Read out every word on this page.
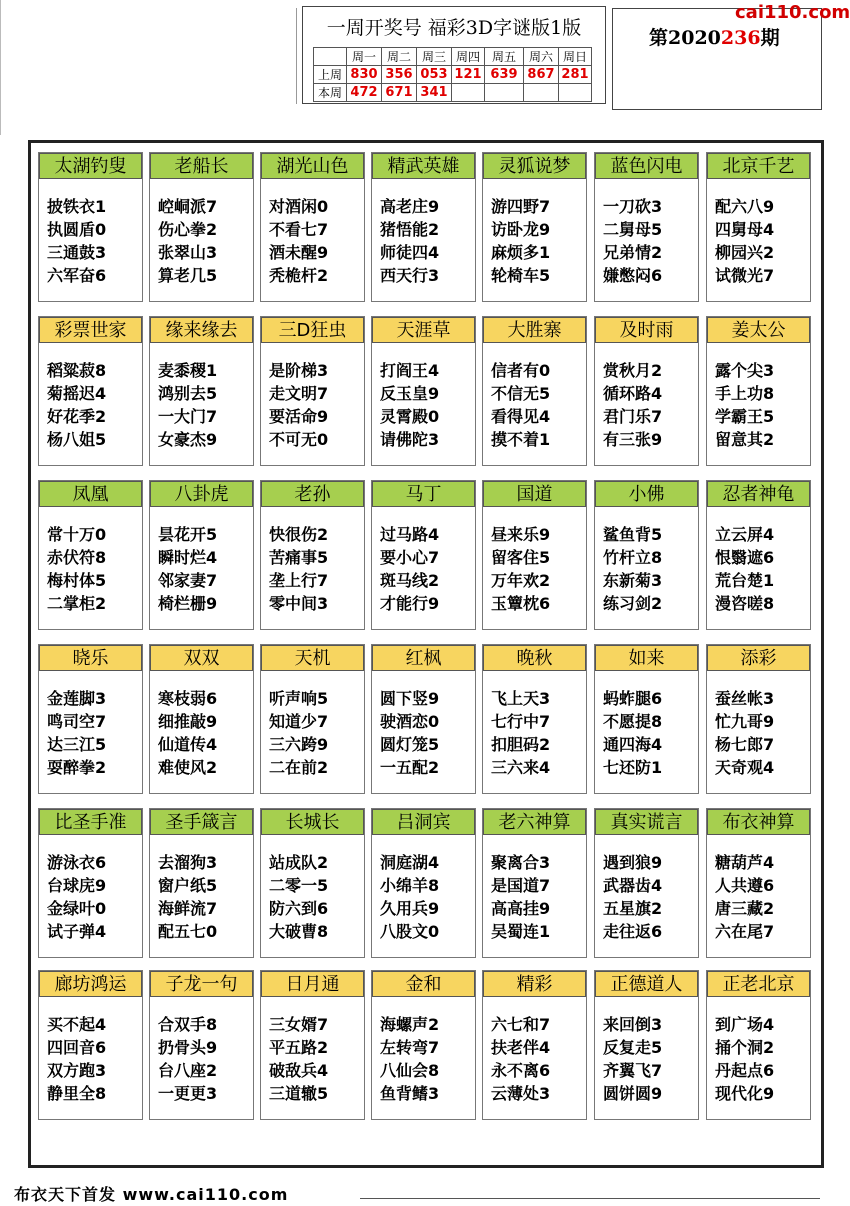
一周开奖号 福彩3D字谜版1版
	周一	周二	周三	周四	周五	周六	周日
上周	830	356	053	121	639	867	281
本周	472	671	341				
第2020236期
cai110.com
太湖钓叟
披铁衣1
执圆盾0
三通鼓3
六军奋6
老船长
崆峒派7
伤心拳2
张翠山3
算老几5
湖光山色
对酒闲0
不看七7
酒未醒9
秃桅杆2
精武英雄
高老庄9
猪悟能2
师徒四4
西天行3
灵狐说梦
游四野7
访卧龙9
麻烦多1
轮椅车5
蓝色闪电
一刀砍3
二舅母5
兄弟情2
嫌憋闷6
北京千艺
配六八9
四舅母4
柳园兴2
试微光7
彩票世家
稻粱菽8
菊摇迟4
好花季2
杨八姐5
缘来缘去
麦黍稷1
鸿别去5
一大门7
女豪杰9
三D狂虫
是阶梯3
走文明7
要活命9
不可无0
天涯草
打阎王4
反玉皇9
灵霄殿0
请佛陀3
大胜寨
信者有0
不信无5
看得见4
摸不着1
及时雨
赏秋月2
循环路4
君门乐7
有三张9
姜太公
露个尖3
手上功8
学霸王5
留意其2
凤凰
常十万0
赤伏符8
梅村体5
二掌柜2
八卦虎
昙花开5
瞬时烂4
邻家妻7
椅栏栅9
老孙
快很伤2
苦痛事5
垄上行7
零中间3
马丁
过马路4
要小心7
斑马线2
才能行9
国道
昼来乐9
留客住5
万年欢2
玉簟枕6
小佛
鲨鱼背5
竹杆立8
东新菊3
练习剑2
忍者神龟
立云屏4
恨翳遮6
荒台楚1
漫咨嗟8
晓乐
金莲脚3
鸣司空7
达三江5
耍醉拳2
双双
寒枝弱6
细推敲9
仙道传4
难使风2
天机
听声响5
知道少7
三六跨9
二在前2
红枫
圆下竖9
驶酒恋0
圆灯笼5
一五配2
晚秋
飞上天3
七行中7
扣胆码2
三六来4
如来
蚂蚱腿6
不愿提8
通四海4
七还防1
添彩
蚕丝帐3
忙九哥9
杨七郎7
天奇观4
比圣手准
游泳衣6
台球庑9
金绿叶0
试子弹4
圣手箴言
去溜狗3
窗户纸5
海鲜流7
配五七0
长城长
站成队2
二零一5
防六到6
大破曹8
吕洞宾
洞庭湖4
小绵羊8
久用兵9
八股文0
老六神算
聚离合3
是国道7
高高挂9
吴蜀连1
真实谎言
遇到狼9
武器齿4
五星旗2
走往返6
布衣神算
糖葫芦4
人共遵6
唐三藏2
六在尾7
廊坊鸿运
买不起4
四回音6
双方跑3
静里全8
子龙一句
合双手8
扔骨头9
台八座2
一更更3
日月通
三女婿7
平五路2
破敌兵4
三道辙5
金和
海螺声2
左转弯7
八仙会8
鱼背鳍3
精彩
六七和7
扶老伴4
永不离6
云薄处3
正德道人
来回倒3
反复走5
齐翼飞7
圆饼圆9
正老北京
到广场4
捅个洞2
丹起点6
现代化9
布衣天下首发 www.cai110.com
